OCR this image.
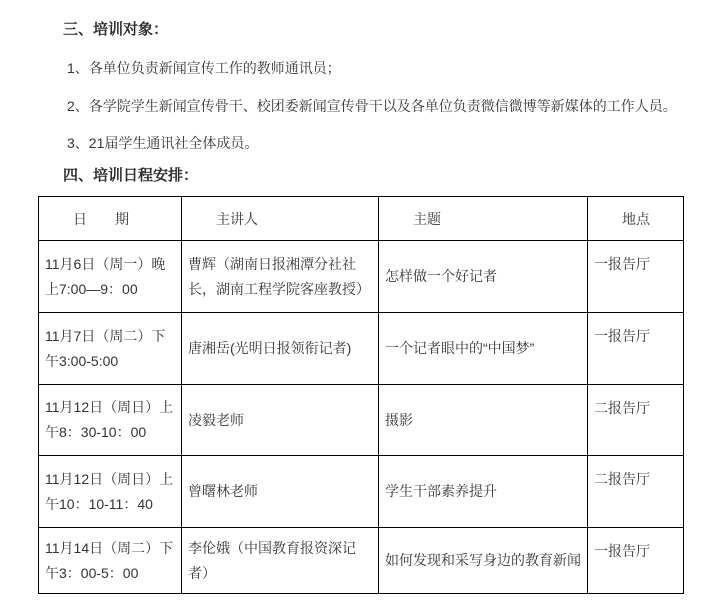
三、培训对象：

1、各单位负责新闻宣传工作的教师通讯员；

2、各学院学生新闻宣传骨干、校团委新闻宣传骨干以及各单位负责微信微博等新媒体的工作人员。

3、21届学生通讯社全体成员。

四、培训日程安排：

日　　期	主讲人	主题	地点
11月6日（周一）晚上7:00—9：00	曹辉（湖南日报湘潭分社社长，湖南工程学院客座教授）	怎样做一个好记者	一报告厅
11月7日（周二）下午3:00-5:00	唐湘岳(光明日报领衔记者)	一个记者眼中的“中国梦”	一报告厅
11月12日（周日）上午8：30-10：00	凌毅老师	摄影	二报告厅
11月12日（周日）上午10：10-11：40	曾曙林老师	学生干部素养提升	二报告厅
11月14日（周二）下午3：00-5：00	李伦娥（中国教育报资深记者）	如何发现和采写身边的教育新闻	一报告厅
